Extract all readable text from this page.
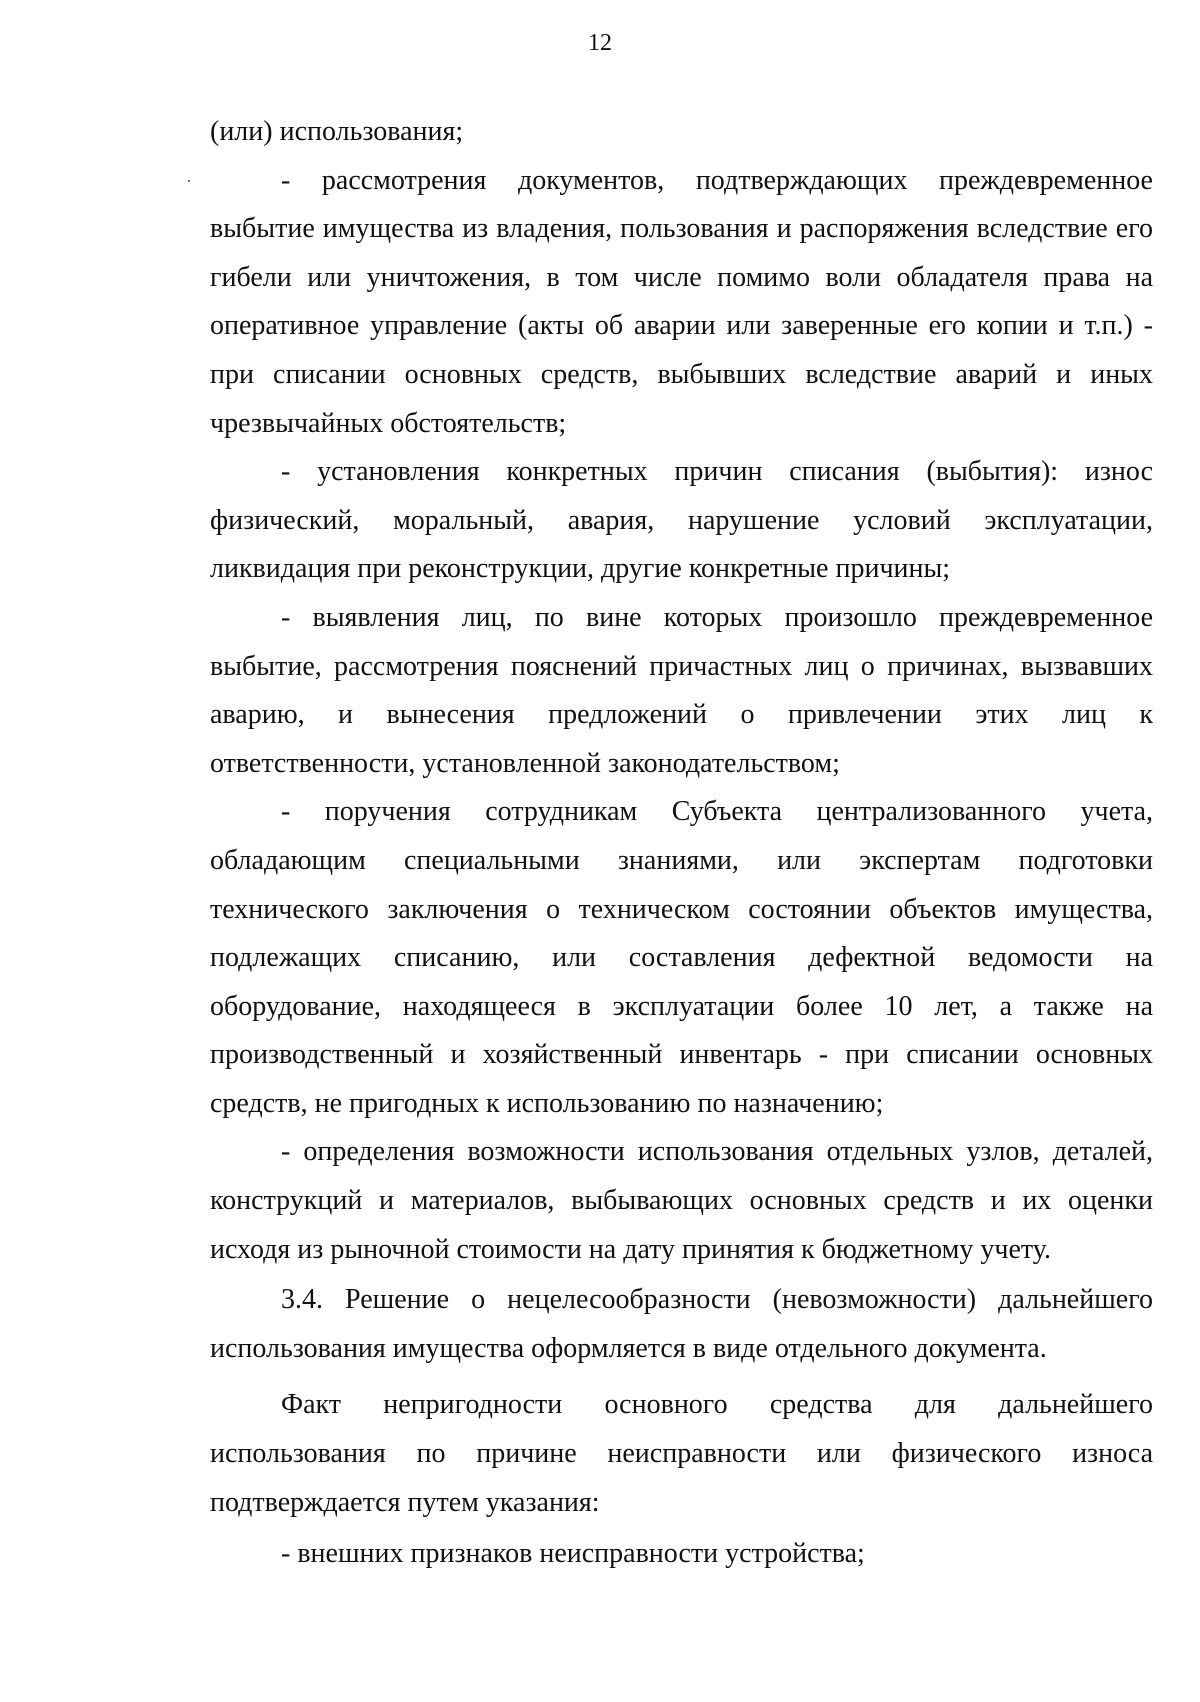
12

(или) использования;

- рассмотрения документов, подтверждающих преждевременное выбытие имущества из владения, пользования и распоряжения вследствие его гибели или уничтожения, в том числе помимо воли обладателя права на оперативное управление (акты об аварии или заверенные его копии и т.п.) - при списании основных средств, выбывших вследствие аварий и иных чрезвычайных обстоятельств;

- установления конкретных причин списания (выбытия): износ физический, моральный, авария, нарушение условий эксплуатации, ликвидация при реконструкции, другие конкретные причины;

- выявления лиц, по вине которых произошло преждевременное выбытие, рассмотрения пояснений причастных лиц о причинах, вызвавших аварию, и вынесения предложений о привлечении этих лиц к ответственности, установленной законодательством;

- поручения сотрудникам Субъекта централизованного учета, обладающим специальными знаниями, или экспертам подготовки технического заключения о техническом состоянии объектов имущества, подлежащих списанию, или составления дефектной ведомости на оборудование, находящееся в эксплуатации более 10 лет, а также на производственный и хозяйственный инвентарь - при списании основных средств, не пригодных к использованию по назначению;

- определения возможности использования отдельных узлов, деталей, конструкций и материалов, выбывающих основных средств и их оценки исходя из рыночной стоимости на дату принятия к бюджетному учету.

3.4. Решение о нецелесообразности (невозможности) дальнейшего использования имущества оформляется в виде отдельного документа.

Факт непригодности основного средства для дальнейшего использования по причине неисправности или физического износа подтверждается путем указания:

- внешних признаков неисправности устройства;
